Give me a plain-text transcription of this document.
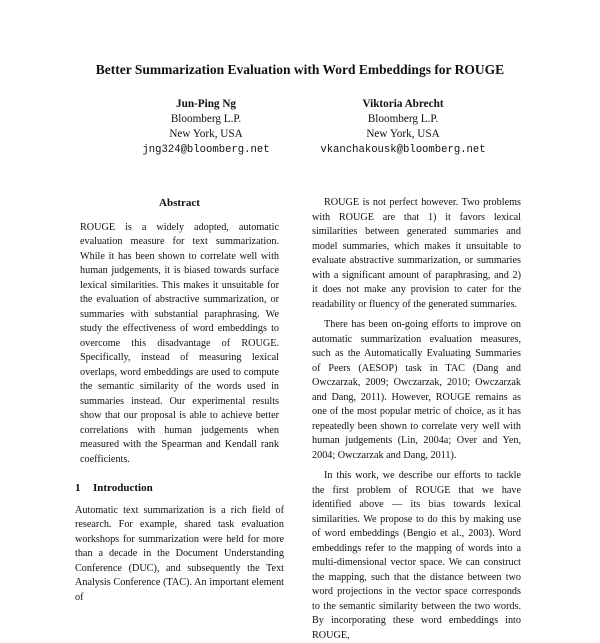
Better Summarization Evaluation with Word Embeddings for ROUGE
Jun-Ping Ng
Bloomberg L.P.
New York, USA
jng324@bloomberg.net
Viktoria Abrecht
Bloomberg L.P.
New York, USA
vkanchakousk@bloomberg.net
Abstract

ROUGE is a widely adopted, automatic evaluation measure for text summarization. While it has been shown to correlate well with human judgements, it is biased towards surface lexical similarities. This makes it unsuitable for the evaluation of abstractive summarization, or summaries with substantial paraphrasing. We study the effectiveness of word embeddings to overcome this disadvantage of ROUGE. Specifically, instead of measuring lexical overlaps, word embeddings are used to compute the semantic similarity of the words used in summaries instead. Our experimental results show that our proposal is able to achieve better correlations with human judgements when measured with the Spearman and Kendall rank coefficients.

1 Introduction

Automatic text summarization is a rich field of research. For example, shared task evaluation workshops for summarization were held for more than a decade in the Document Understanding Conference (DUC), and subsequently the Text Analysis Conference (TAC). An important element of

ROUGE is not perfect however. Two problems with ROUGE are that 1) it favors lexical similarities between generated summaries and model summaries, which makes it unsuitable to evaluate abstractive summarization, or summaries with a significant amount of paraphrasing, and 2) it does not make any provision to cater for the readability or fluency of the generated summaries.

There has been on-going efforts to improve on automatic summarization evaluation measures, such as the Automatically Evaluating Summaries of Peers (AESOP) task in TAC (Dang and Owczarzak, 2009; Owczarzak, 2010; Owczarzak and Dang, 2011). However, ROUGE remains as one of the most popular metric of choice, as it has repeatedly been shown to correlate very well with human judgements (Lin, 2004a; Over and Yen, 2004; Owczarzak and Dang, 2011).

In this work, we describe our efforts to tackle the first problem of ROUGE that we have identified above — its bias towards lexical similarities. We propose to do this by making use of word embeddings (Bengio et al., 2003). Word embeddings refer to the mapping of words into a multi-dimensional vector space. We can construct the mapping, such that the distance between two word projections in the vector space corresponds to the semantic similarity between the two words. By incorporating these word embeddings into ROUGE,
